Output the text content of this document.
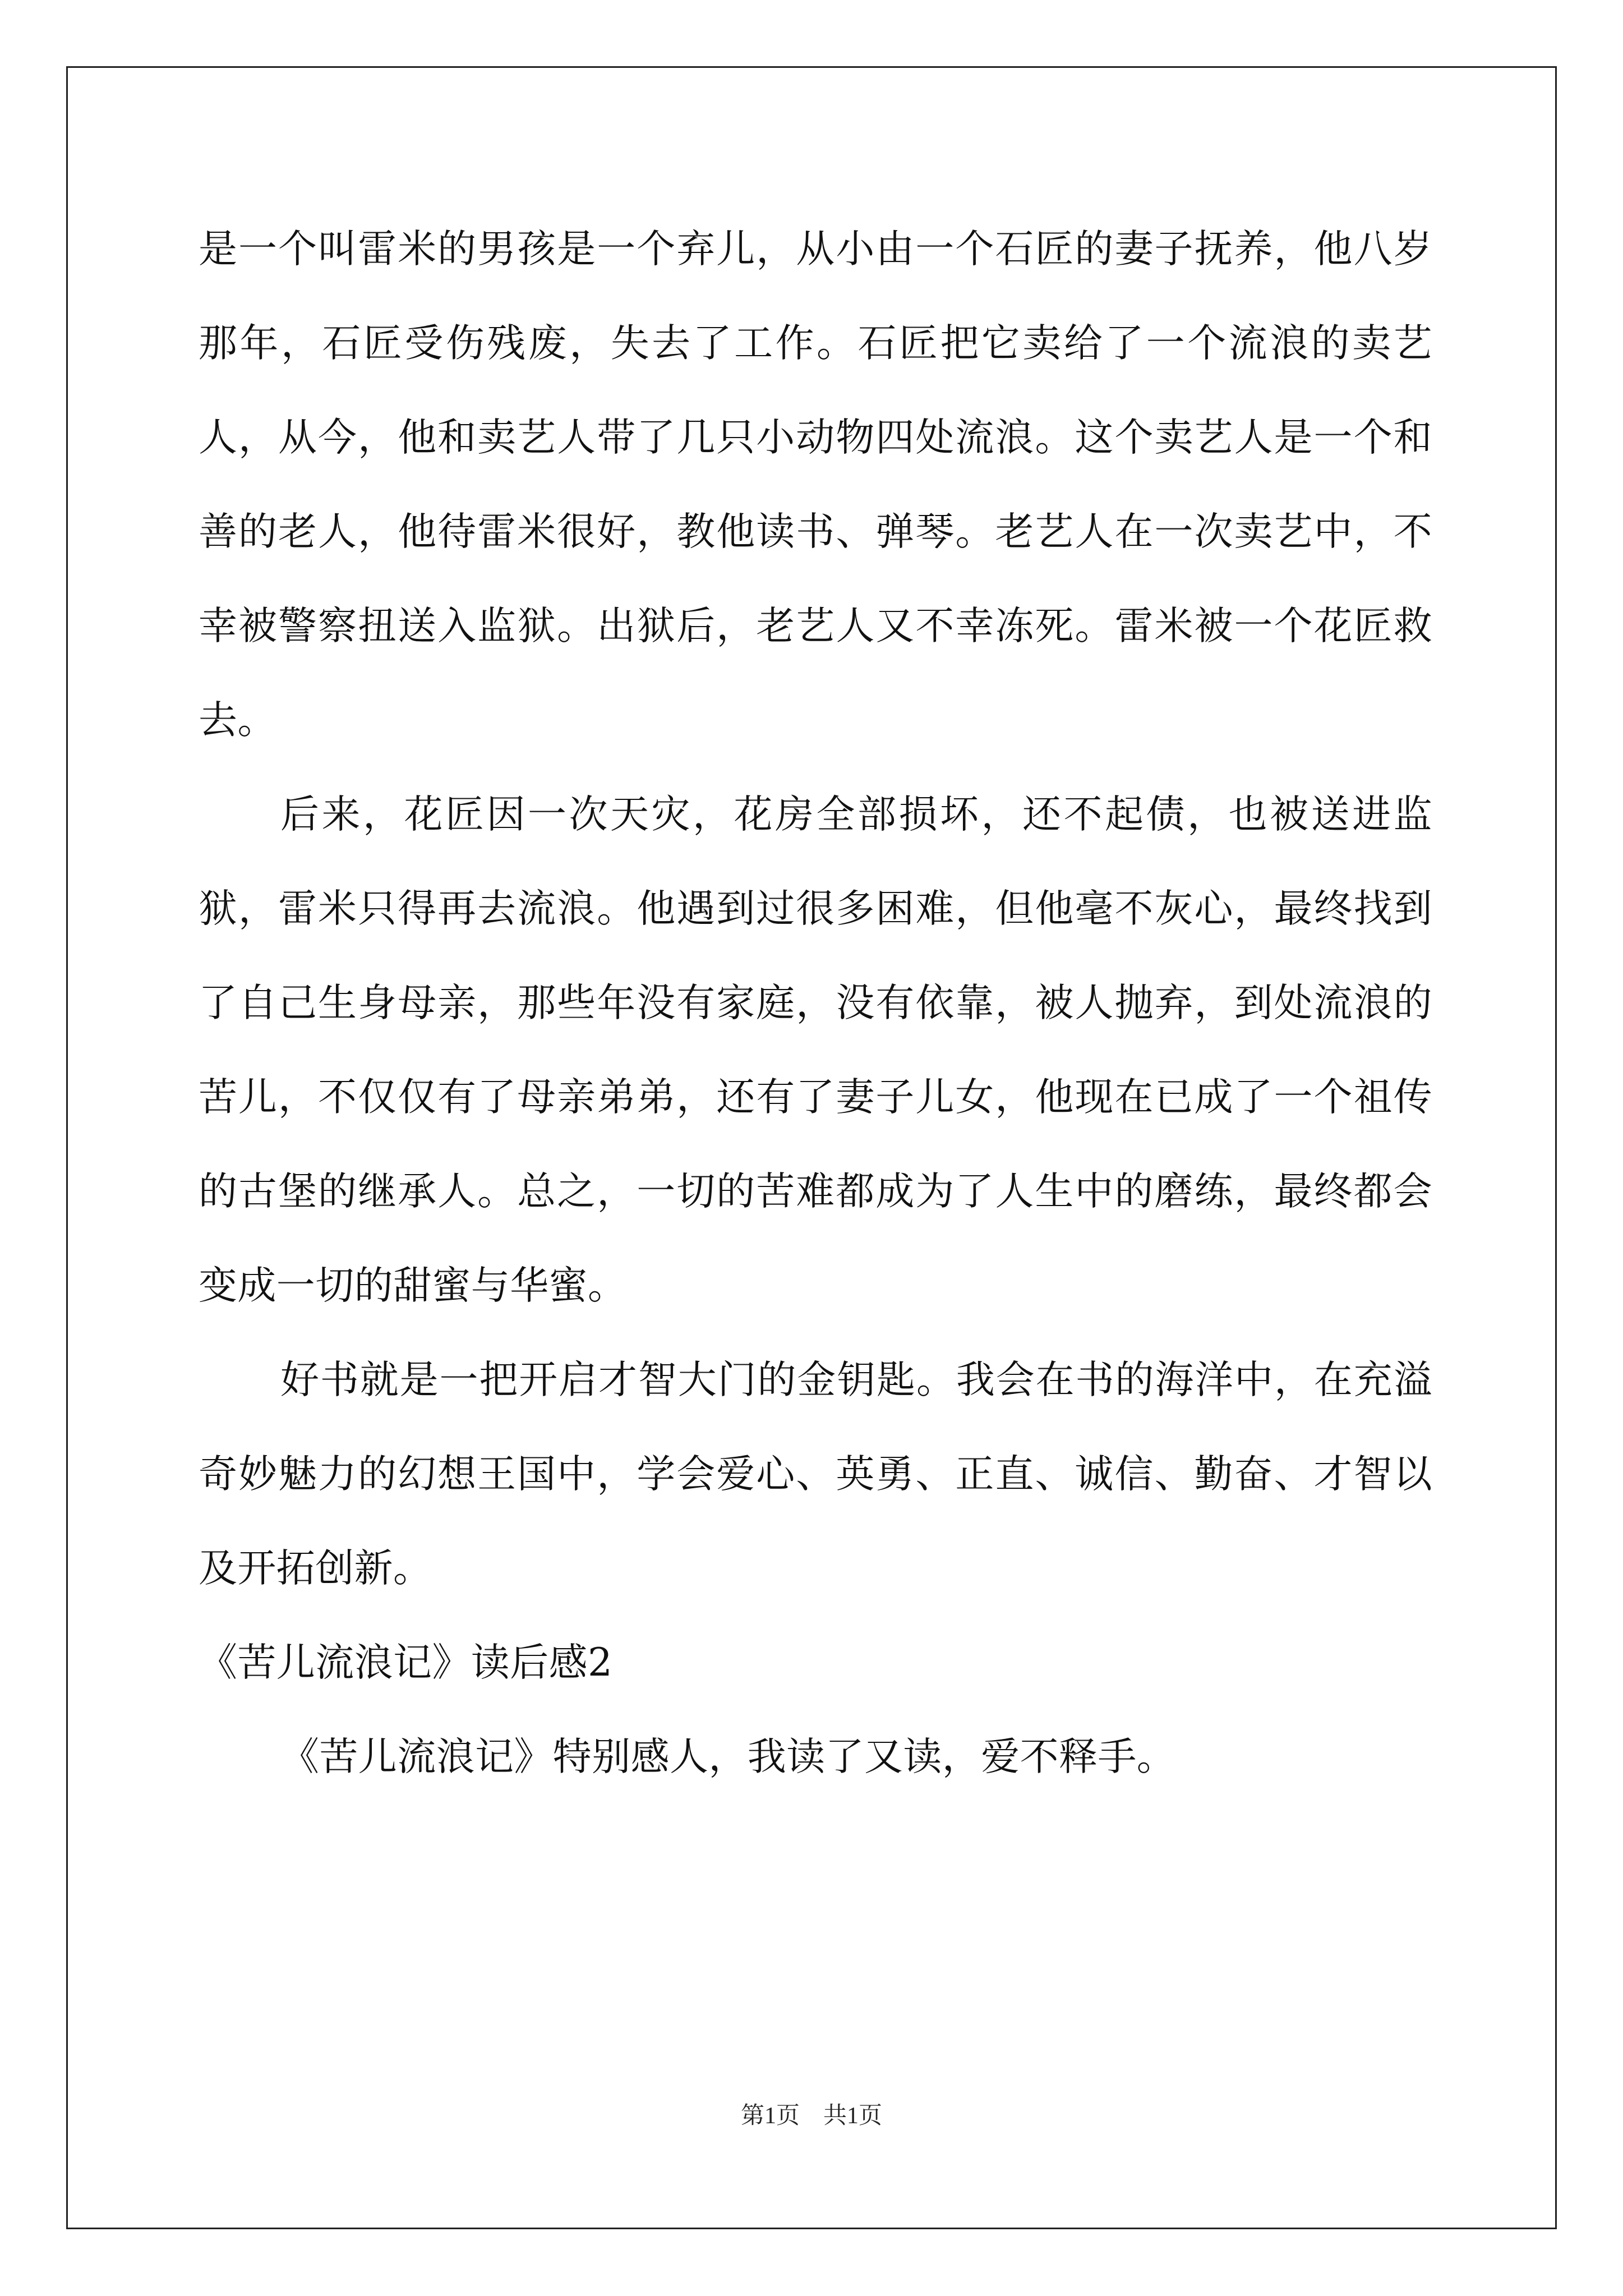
是一个叫雷米的男孩是一个弃儿，从小由一个石匠的妻子抚养，他八岁那年，石匠受伤残废，失去了工作。石匠把它卖给了一个流浪的卖艺人，从今，他和卖艺人带了几只小动物四处流浪。这个卖艺人是一个和善的老人，他待雷米很好，教他读书、弹琴。老艺人在一次卖艺中，不幸被警察扭送入监狱。出狱后，老艺人又不幸冻死。雷米被一个花匠救去。

后来，花匠因一次天灾，花房全部损坏，还不起债，也被送进监狱，雷米只得再去流浪。他遇到过很多困难，但他毫不灰心，最终找到了自己生身母亲，那些年没有家庭，没有依靠，被人抛弃，到处流浪的苦儿，不仅仅有了母亲弟弟，还有了妻子儿女，他现在已成了一个祖传的古堡的继承人。总之，一切的苦难都成为了人生中的磨练，最终都会变成一切的甜蜜与华蜜。

好书就是一把开启才智大门的金钥匙。我会在书的海洋中，在充溢奇妙魅力的幻想王国中，学会爱心、英勇、正直、诚信、勤奋、才智以及开拓创新。

《苦儿流浪记》读后感2

《苦儿流浪记》特别感人，我读了又读，爱不释手。

第1页　共1页
